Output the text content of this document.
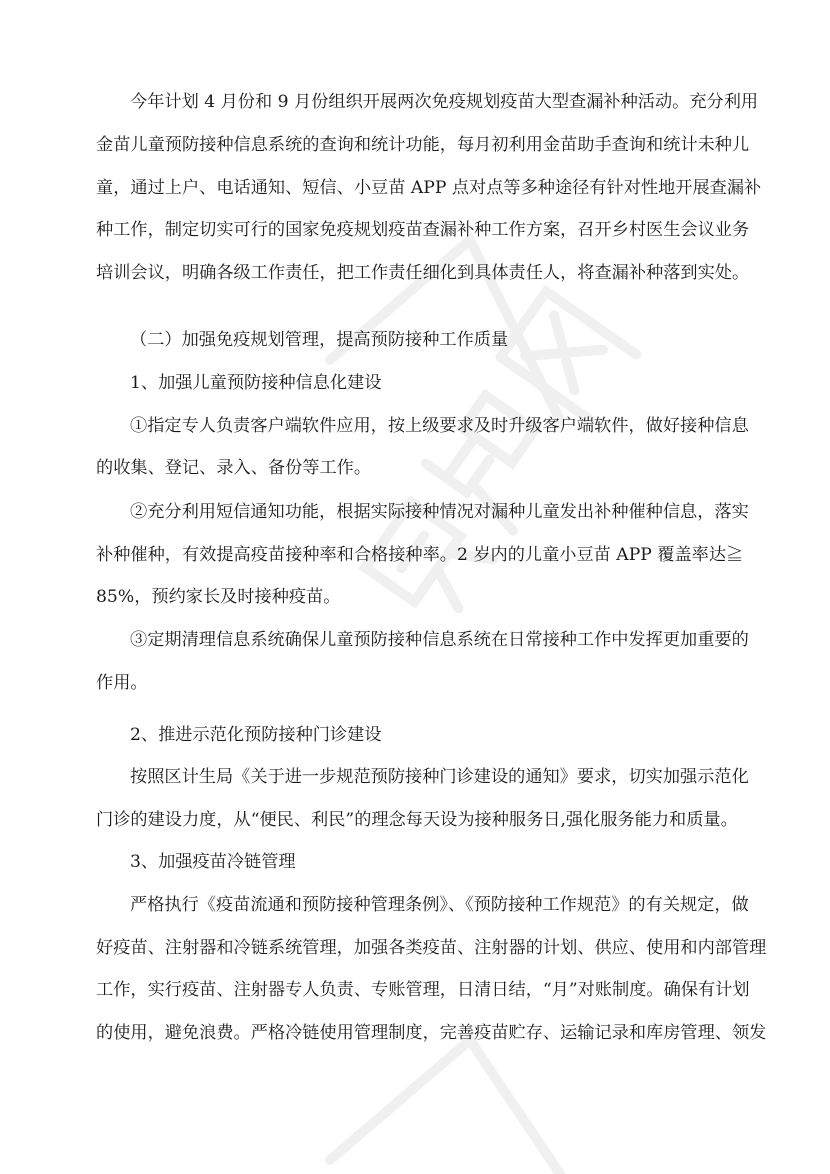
今年计划 4 月份和 9 月份组织开展两次免疫规划疫苗大型查漏补种活动。充分利用
金苗儿童预防接种信息系统的查询和统计功能，每月初利用金苗助手查询和统计未种儿
童，通过上户、电话通知、短信、小豆苗 APP 点对点等多种途径有针对性地开展查漏补
种工作，制定切实可行的国家免疫规划疫苗查漏补种工作方案，召开乡村医生会议业务
培训会议，明确各级工作责任，把工作责任细化到具体责任人，将查漏补种落到实处。
（二）加强免疫规划管理，提高预防接种工作质量
1、加强儿童预防接种信息化建设
①指定专人负责客户端软件应用，按上级要求及时升级客户端软件，做好接种信息
的收集、登记、录入、备份等工作。
②充分利用短信通知功能，根据实际接种情况对漏种儿童发出补种催种信息，落实
补种催种，有效提高疫苗接种率和合格接种率。2 岁内的儿童小豆苗 APP 覆盖率达≧
85%，预约家长及时接种疫苗。
③定期清理信息系统确保儿童预防接种信息系统在日常接种工作中发挥更加重要的
作用。
2、推进示范化预防接种门诊建设
按照区计生局《关于进一步规范预防接种门诊建设的通知》要求，切实加强示范化
门诊的建设力度，从“便民、利民”的理念每天设为接种服务日,强化服务能力和质量。
3、加强疫苗冷链管理
严格执行《疫苗流通和预防接种管理条例》、《预防接种工作规范》的有关规定，做
好疫苗、注射器和冷链系统管理，加强各类疫苗、注射器的计划、供应、使用和内部管理
工作，实行疫苗、注射器专人负责、专账管理，日清日结，“月”对账制度。确保有计划
的使用，避免浪费。严格冷链使用管理制度，完善疫苗贮存、运输记录和库房管理、领发
